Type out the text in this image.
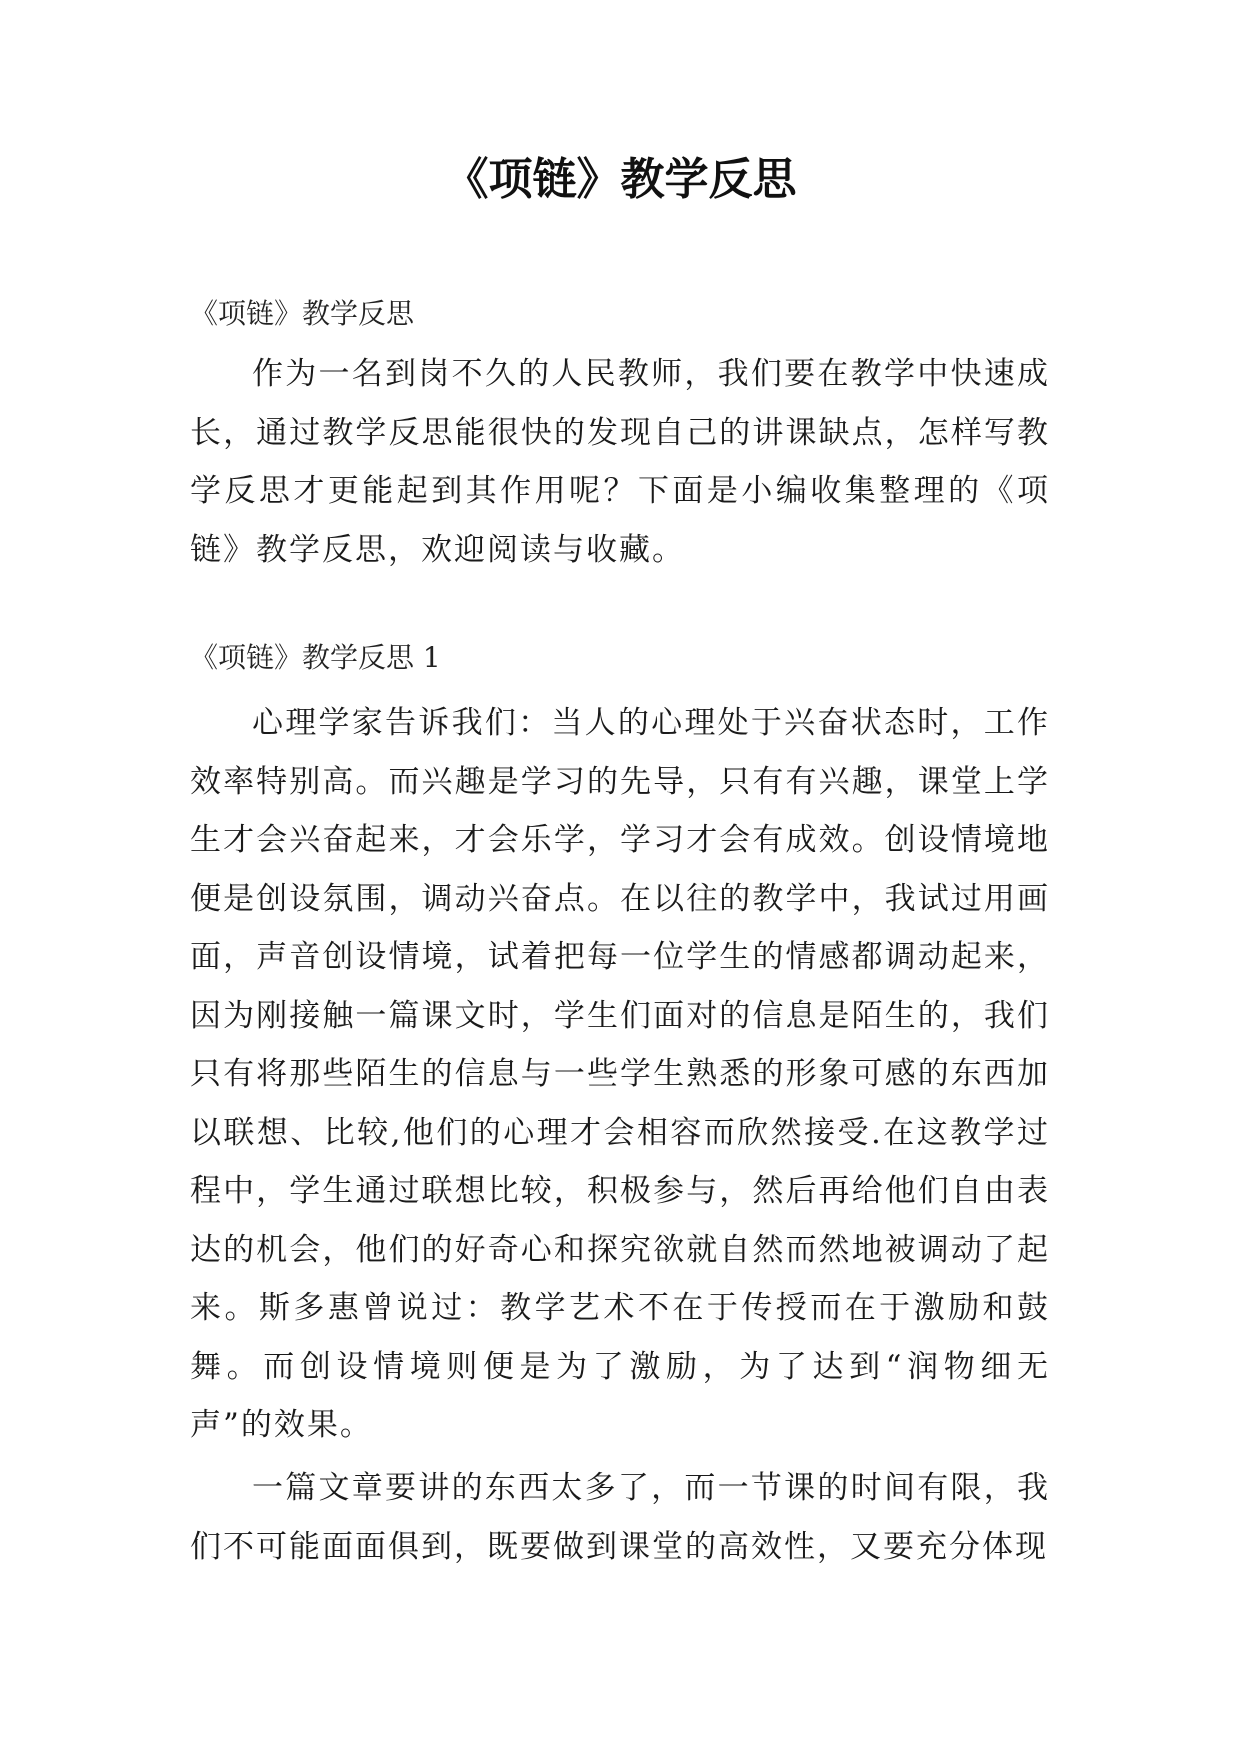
《项链》教学反思

《项链》教学反思

作为一名到岗不久的人民教师，我们要在教学中快速成长，通过教学反思能很快的发现自己的讲课缺点，怎样写教学反思才更能起到其作用呢？下面是小编收集整理的《项链》教学反思，欢迎阅读与收藏。

《项链》教学反思 1

心理学家告诉我们：当人的心理处于兴奋状态时，工作效率特别高。而兴趣是学习的先导，只有有兴趣，课堂上学生才会兴奋起来，才会乐学，学习才会有成效。创设情境地便是创设氛围，调动兴奋点。在以往的教学中，我试过用画面，声音创设情境，试着把每一位学生的情感都调动起来，因为刚接触一篇课文时，学生们面对的信息是陌生的，我们只有将那些陌生的信息与一些学生熟悉的形象可感的东西加以联想、比较,他们的心理才会相容而欣然接受.在这教学过程中，学生通过联想比较，积极参与，然后再给他们自由表达的机会，他们的好奇心和探究欲就自然而然地被调动了起来。斯多惠曾说过：教学艺术不在于传授而在于激励和鼓舞。而创设情境则便是为了激励，为了达到“润物细无声”的效果。

一篇文章要讲的东西太多了，而一节课的时间有限，我们不可能面面俱到，既要做到课堂的高效性，又要充分体现
